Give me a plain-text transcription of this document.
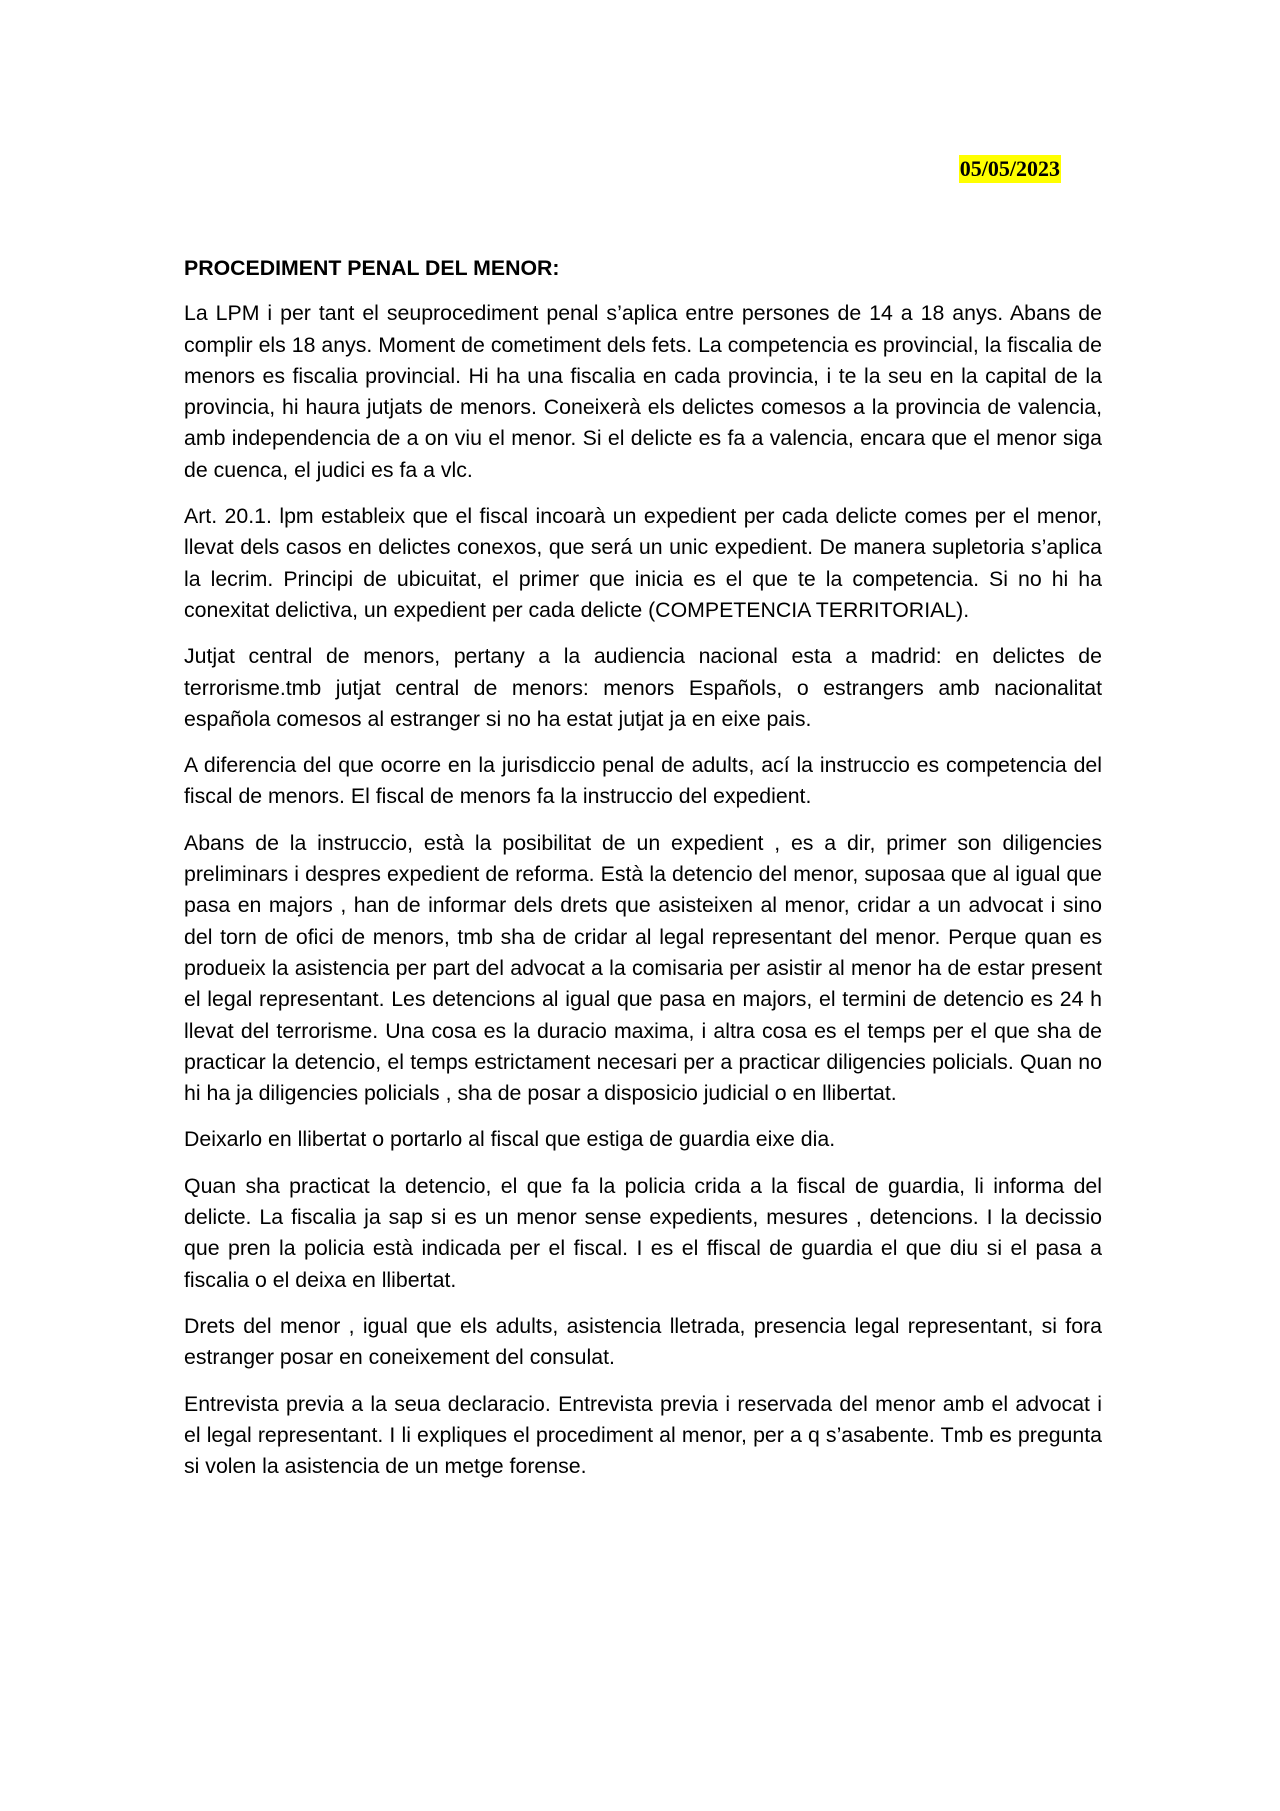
05/05/2023
PROCEDIMENT PENAL DEL MENOR:

La LPM i per tant el seuprocediment penal s’aplica entre persones de 14 a 18 anys. Abans de complir els 18 anys. Moment de cometiment dels fets. La competencia es provincial, la fiscalia de menors es fiscalia provincial. Hi ha una fiscalia en cada provincia, i te la seu en la capital de la provincia, hi haura jutjats de menors. Coneixerà els delictes comesos a la provincia de valencia, amb independencia de a on viu el menor. Si el delicte es fa a valencia, encara que el menor siga de cuenca, el judici es fa a vlc.

Art. 20.1. lpm estableix que el fiscal incoarà un expedient per cada delicte comes per el menor, llevat dels casos en delictes conexos, que será un unic expedient. De manera supletoria s’aplica la lecrim. Principi de ubicuitat, el primer que inicia es el que te la competencia. Si no hi ha conexitat delictiva, un expedient per cada delicte (COMPETENCIA TERRITORIAL).

Jutjat central de menors, pertany a la audiencia nacional esta a madrid: en delictes de terrorisme.tmb jutjat central de menors: menors Españols, o estrangers amb nacionalitat española comesos al estranger si no ha estat jutjat ja en eixe pais.

A diferencia del que ocorre en la jurisdiccio penal de adults, ací la instruccio es competencia del fiscal de menors. El fiscal de menors fa la instruccio del expedient.

Abans de la instruccio, està la posibilitat de un expedient , es a dir, primer son diligencies preliminars i despres expedient de reforma. Està la detencio del menor, suposaa que al igual que pasa en majors , han de informar dels drets que asisteixen al menor, cridar a un advocat i sino del torn de ofici de menors, tmb sha de cridar al legal representant del menor. Perque quan es produeix la asistencia per part del advocat a la comisaria per asistir al menor ha de estar present el legal representant. Les detencions al igual que pasa en majors, el termini de detencio es 24 h llevat del terrorisme. Una cosa es la duracio maxima, i altra cosa es el temps per el que sha de practicar la detencio, el temps estrictament necesari per a practicar diligencies policials. Quan no hi ha ja diligencies policials , sha de posar a disposicio judicial o en llibertat.

Deixarlo en llibertat o portarlo al fiscal que estiga de guardia eixe dia.

Quan sha practicat la detencio, el que fa la policia crida a la fiscal de guardia, li informa del delicte. La fiscalia ja sap si es un menor sense expedients, mesures , detencions. I la decissio que pren la policia està indicada per el fiscal. I es el ffiscal de guardia el que diu si el pasa a fiscalia o el deixa en llibertat.

Drets del menor , igual que els adults, asistencia lletrada, presencia legal representant, si fora estranger posar en coneixement del consulat.

Entrevista previa a la seua declaracio. Entrevista previa i reservada del menor amb el advocat i el legal representant. I li expliques el procediment al menor, per a q s’asabente. Tmb es pregunta si volen la asistencia de un metge forense.
